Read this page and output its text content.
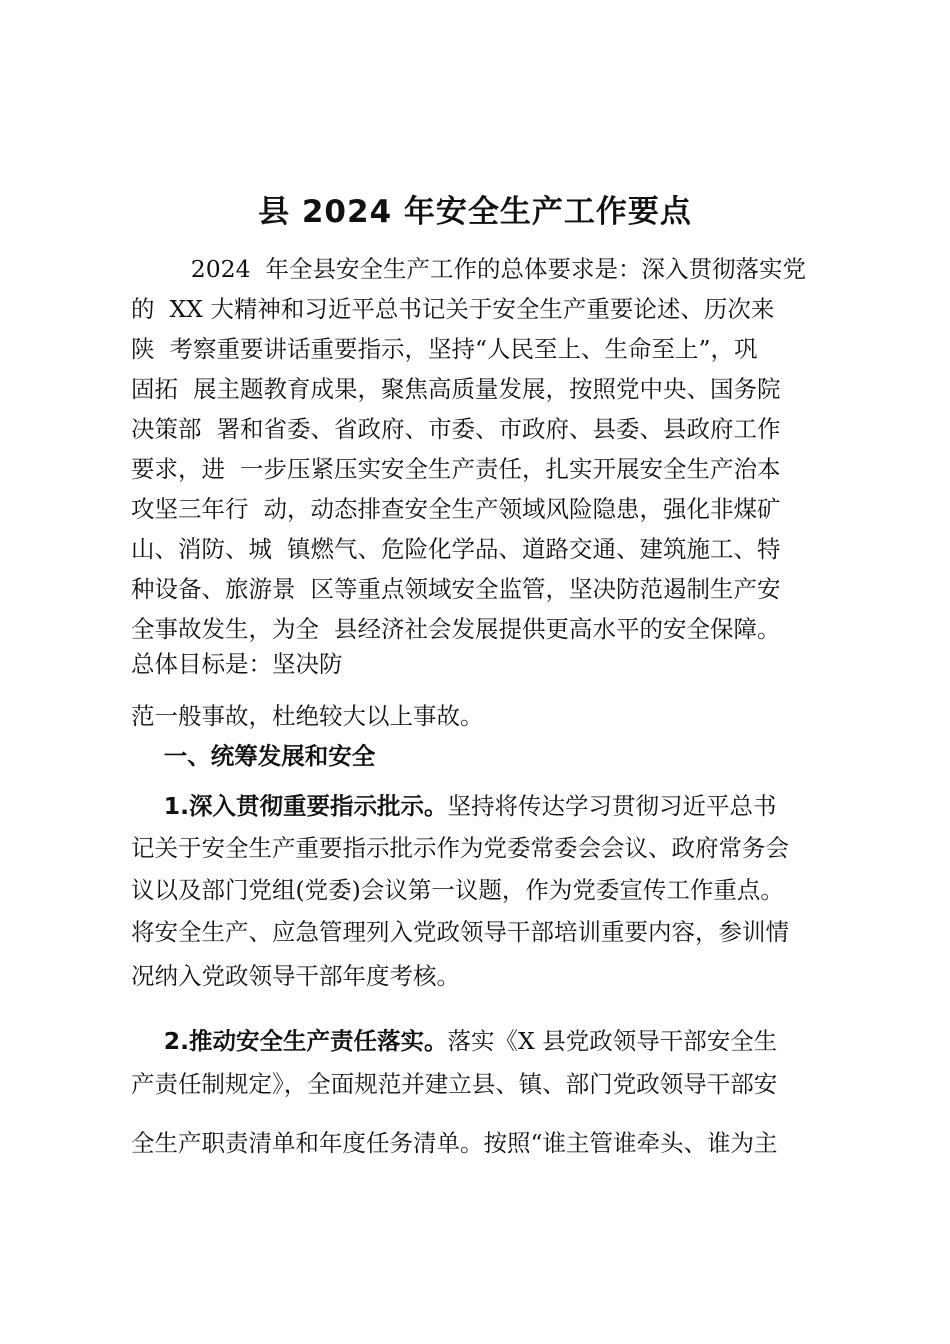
县 2024 年安全生产工作要点

2024  年全县安全生产工作的总体要求是：深入贯彻落实党

的  XX 大精神和习近平总书记关于安全生产重要论述、历次来

陕  考察重要讲话重要指示，坚持“人民至上、生命至上”，巩

固拓  展主题教育成果，聚焦高质量发展，按照党中央、国务院

决策部  署和省委、省政府、市委、市政府、县委、县政府工作

要求，进  一步压紧压实安全生产责任，扎实开展安全生产治本

攻坚三年行  动，动态排查安全生产领域风险隐患，强化非煤矿

山、消防、城  镇燃气、危险化学品、道路交通、建筑施工、特

种设备、旅游景  区等重点领域安全监管，坚决防范遏制生产安

全事故发生，为全  县经济社会发展提供更高水平的安全保障。

总体目标是：坚决防

范一般事故，杜绝较大以上事故。

一、统筹发展和安全

1.深入贯彻重要指示批示。坚持将传达学习贯彻习近平总书

记关于安全生产重要指示批示作为党委常委会会议、政府常务会

议以及部门党组(党委)会议第一议题，作为党委宣传工作重点。

将安全生产、应急管理列入党政领导干部培训重要内容，参训情

况纳入党政领导干部年度考核。

2.推动安全生产责任落实。落实《X 县党政领导干部安全生

产责任制规定》，全面规范并建立县、镇、部门党政领导干部安

全生产职责清单和年度任务清单。按照“谁主管谁牵头、谁为主
